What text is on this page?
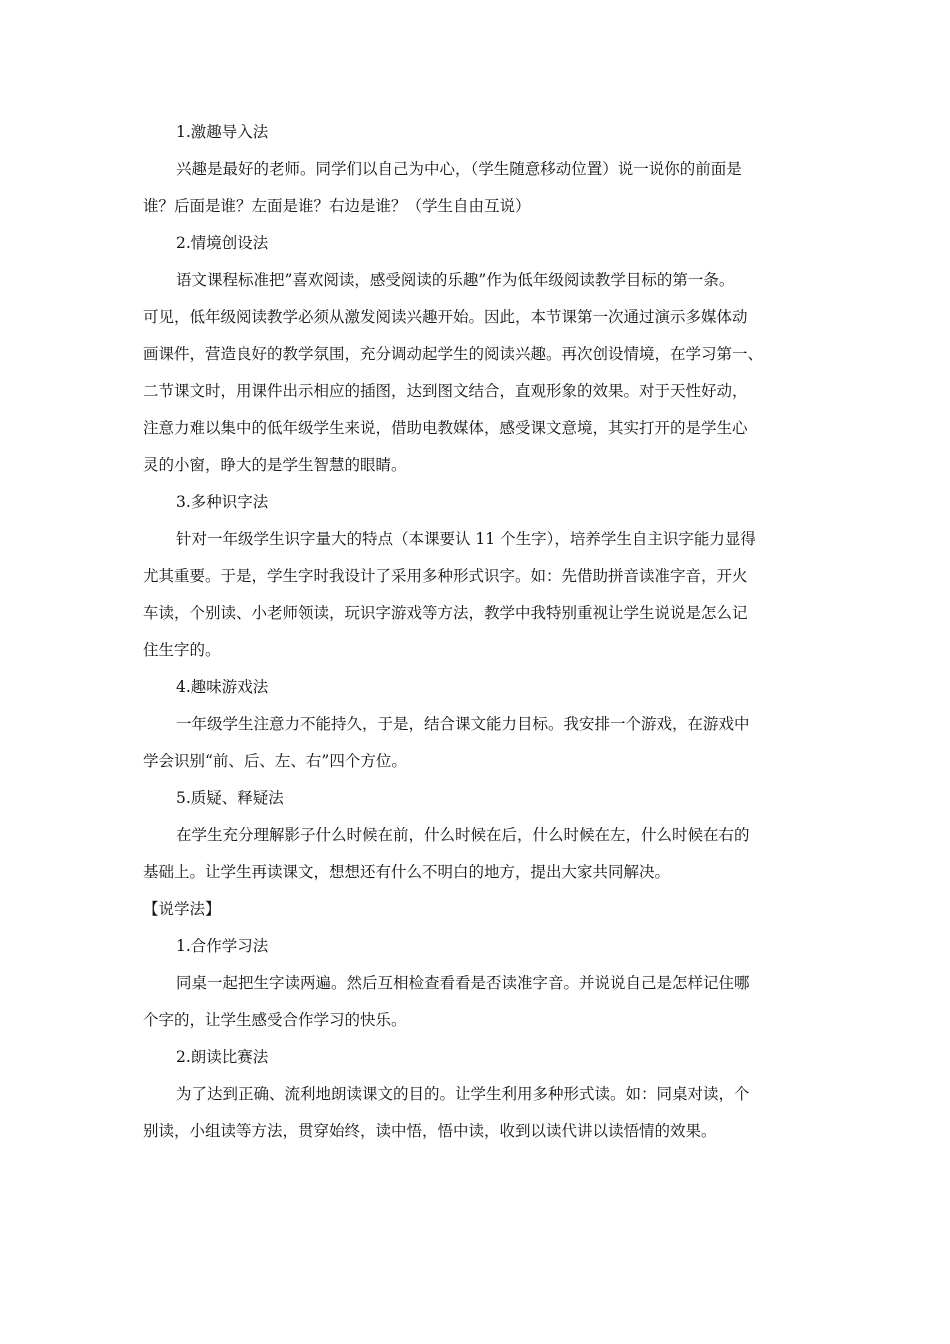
1.激趣导入法
兴趣是最好的老师。同学们以自己为中心，（学生随意移动位置）说一说你的前面是
谁？后面是谁？左面是谁？右边是谁？（学生自由互说）
2.情境创设法
语文课程标准把”喜欢阅读，感受阅读的乐趣”作为低年级阅读教学目标的第一条。
可见，低年级阅读教学必须从激发阅读兴趣开始。因此，本节课第一次通过演示多媒体动
画课件，营造良好的教学氛围，充分调动起学生的阅读兴趣。再次创设情境，在学习第一、
二节课文时，用课件出示相应的插图，达到图文结合，直观形象的效果。对于天性好动，
注意力难以集中的低年级学生来说，借助电教媒体，感受课文意境，其实打开的是学生心
灵的小窗，睁大的是学生智慧的眼睛。
3.多种识字法
针对一年级学生识字量大的特点（本课要认 11 个生字），培养学生自主识字能力显得
尤其重要。于是，学生字时我设计了采用多种形式识字。如：先借助拼音读准字音，开火
车读，个别读、小老师领读，玩识字游戏等方法，教学中我特别重视让学生说说是怎么记
住生字的。
4.趣味游戏法
一年级学生注意力不能持久，于是，结合课文能力目标。我安排一个游戏，在游戏中
学会识别“前、后、左、右”四个方位。
5.质疑、释疑法
在学生充分理解影子什么时候在前，什么时候在后，什么时候在左，什么时候在右的
基础上。让学生再读课文，想想还有什么不明白的地方，提出大家共同解决。
【说学法】
1.合作学习法
同桌一起把生字读两遍。然后互相检查看看是否读准字音。并说说自己是怎样记住哪
个字的，让学生感受合作学习的快乐。
2.朗读比赛法
为了达到正确、流利地朗读课文的目的。让学生利用多种形式读。如：同桌对读，个
别读，小组读等方法，贯穿始终，读中悟，悟中读，收到以读代讲以读悟情的效果。
